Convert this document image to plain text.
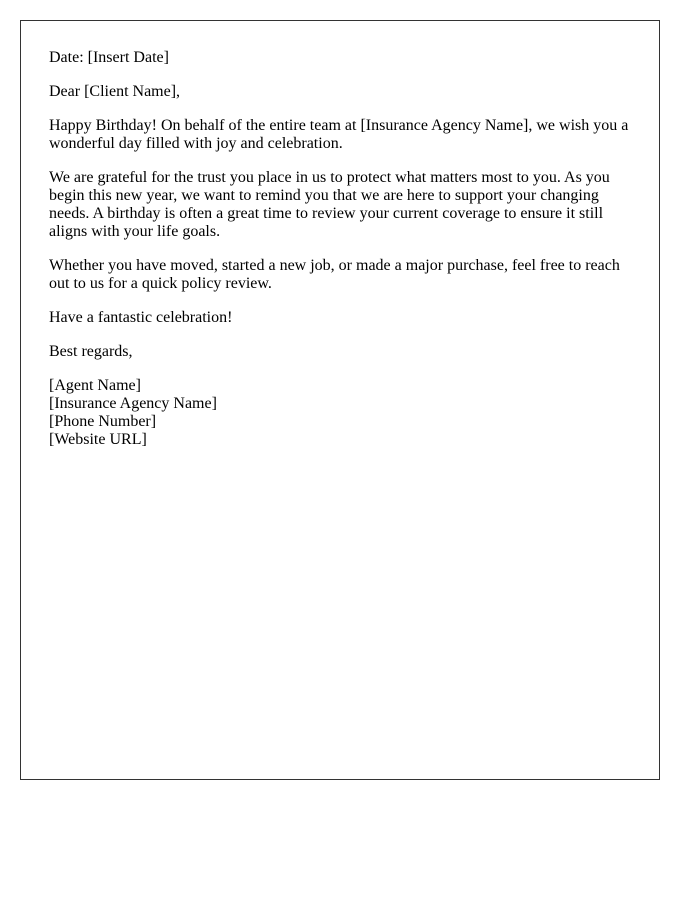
Date: [Insert Date]

Dear [Client Name],

Happy Birthday! On behalf of the entire team at [Insurance Agency Name], we wish you a wonderful day filled with joy and celebration.

We are grateful for the trust you place in us to protect what matters most to you. As you begin this new year, we want to remind you that we are here to support your changing needs. A birthday is often a great time to review your current coverage to ensure it still aligns with your life goals.

Whether you have moved, started a new job, or made a major purchase, feel free to reach out to us for a quick policy review.

Have a fantastic celebration!

Best regards,

[Agent Name]
[Insurance Agency Name]
[Phone Number]
[Website URL]
